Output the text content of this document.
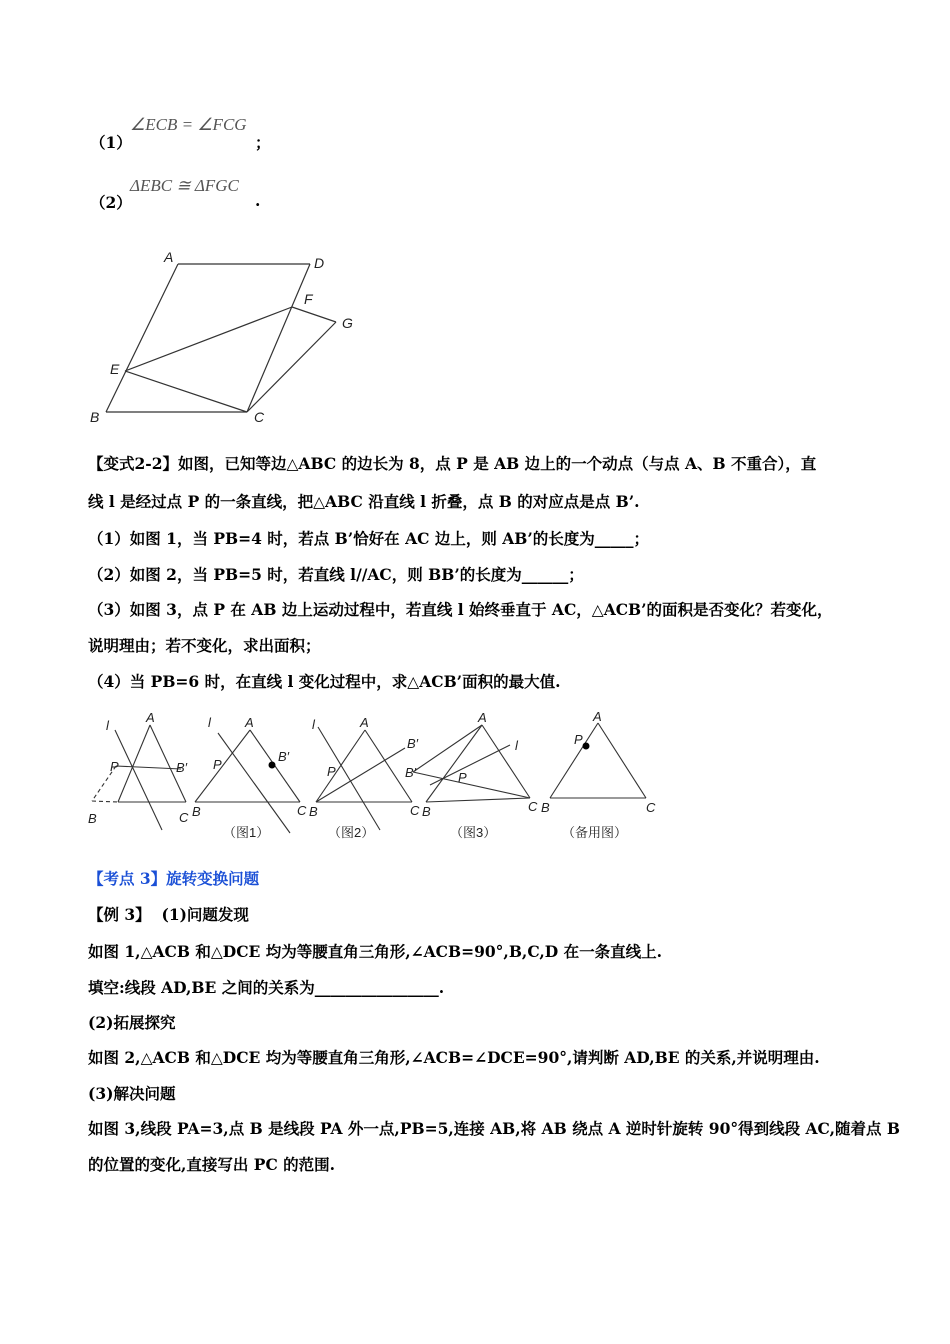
（1）
∠ECB = ∠FCG
；
（2）
ΔEBC ≅ ΔFGC
.
A	D
F
G
E
B	C
【变式2-2】如图，已知等边△ABC 的边长为 8，点 P 是 AB 边上的一个动点（与点 A、B 不重合），直
线 l 是经过点 P 的一条直线，把△ABC 沿直线 l 折叠，点 B 的对应点是点 B’.
（1）如图 1，当 PB=4 时，若点 B’恰好在 AC 边上，则 AB’的长度为_____；
（2）如图 2，当 PB=5 时，若直线 l//AC，则 BB’的长度为______；
（3）如图 3，点 P 在 AB 边上运动过程中，若直线 l 始终垂直于 AC，△ACB’的面积是否变化？若变化，
说明理由；若不变化，求出面积；
（4）当 PB=6 时，在直线 l 变化过程中，求△ACB’面积的最大值.
l
A
P	B′
B	C
l	A
P
B′
B	C
l	A
P
B′
B	C
A
l
B′	P
B	C
A
P
B	C
（图1）	（图2）	（图3）	（备用图）
【考点 3】旋转变换问题
【例 3】 (1)问题发现
如图 1,△ACB 和△DCE 均为等腰直角三角形,∠ACB=90°,B,C,D 在一条直线上.
填空:线段 AD,BE 之间的关系为________________.
(2)拓展探究
如图 2,△ACB 和△DCE 均为等腰直角三角形,∠ACB=∠DCE=90°,请判断 AD,BE 的关系,并说明理由.
(3)解决问题
如图 3,线段 PA=3,点 B 是线段 PA 外一点,PB=5,连接 AB,将 AB 绕点 A 逆时针旋转 90°得到线段 AC,随着点 B
的位置的变化,直接写出 PC 的范围.
